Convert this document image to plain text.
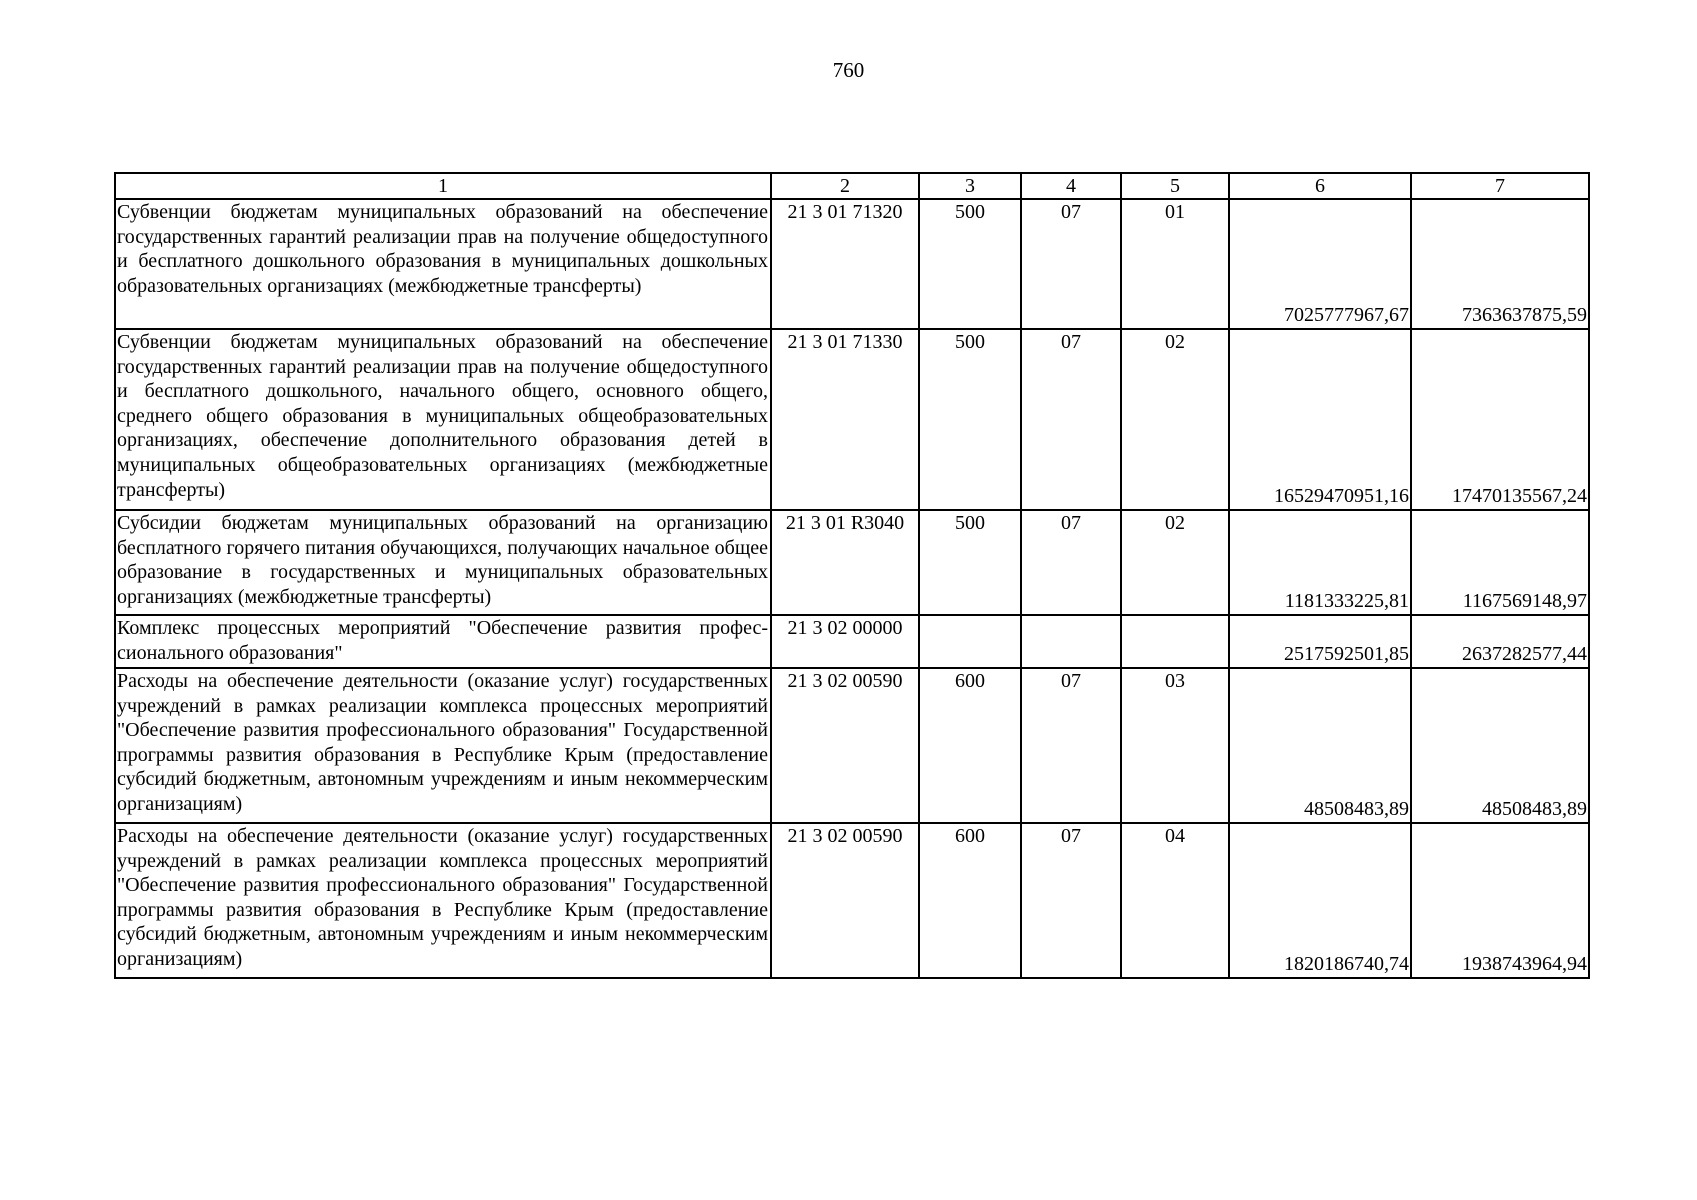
760
1	2	3	4	5	6	7
Субвенции бюджетам муниципальных образований на обеспечение государственных гарантий реализации прав на получение общедоступного и бесплатного дошкольного образования в муниципальных дошкольных образовательных организациях (межбюджетные трансферты)	21 3 01 71320	500	07	01	7025777967,67	7363637875,59
Субвенции бюджетам муниципальных образований на обеспечение государственных гарантий реализации прав на получение общедоступного и бесплатного дошкольного, начального общего, основного общего, среднего общего образования в муниципальных общеобразовательных организациях, обеспечение дополнительного образования детей в муниципальных общеобразовательных организациях (межбюджетные трансферты)	21 3 01 71330	500	07	02	16529470951,16	17470135567,24
Субсидии бюджетам муниципальных образований на организацию бесплатного горячего питания обучающихся, получающих начальное общее образование в государственных и муниципальных образовательных организациях (межбюджетные трансферты)	21 3 01 R3040	500	07	02	1181333225,81	1167569148,97
Комплекс процессных мероприятий "Обеспечение развития профессионального образования"	21 3 02 00000				2517592501,85	2637282577,44
Расходы на обеспечение деятельности (оказание услуг) государственных учреждений в рамках реализации комплекса процессных мероприятий "Обеспечение развития профессионального образования" Государственной программы развития образования в Республике Крым (предоставление субсидий бюджетным, автономным учреждениям и иным некоммерческим организациям)	21 3 02 00590	600	07	03	48508483,89	48508483,89
Расходы на обеспечение деятельности (оказание услуг) государственных учреждений в рамках реализации комплекса процессных мероприятий "Обеспечение развития профессионального образования" Государственной программы развития образования в Республике Крым (предоставление субсидий бюджетным, автономным учреждениям и иным некоммерческим организациям)	21 3 02 00590	600	07	04	1820186740,74	1938743964,94
